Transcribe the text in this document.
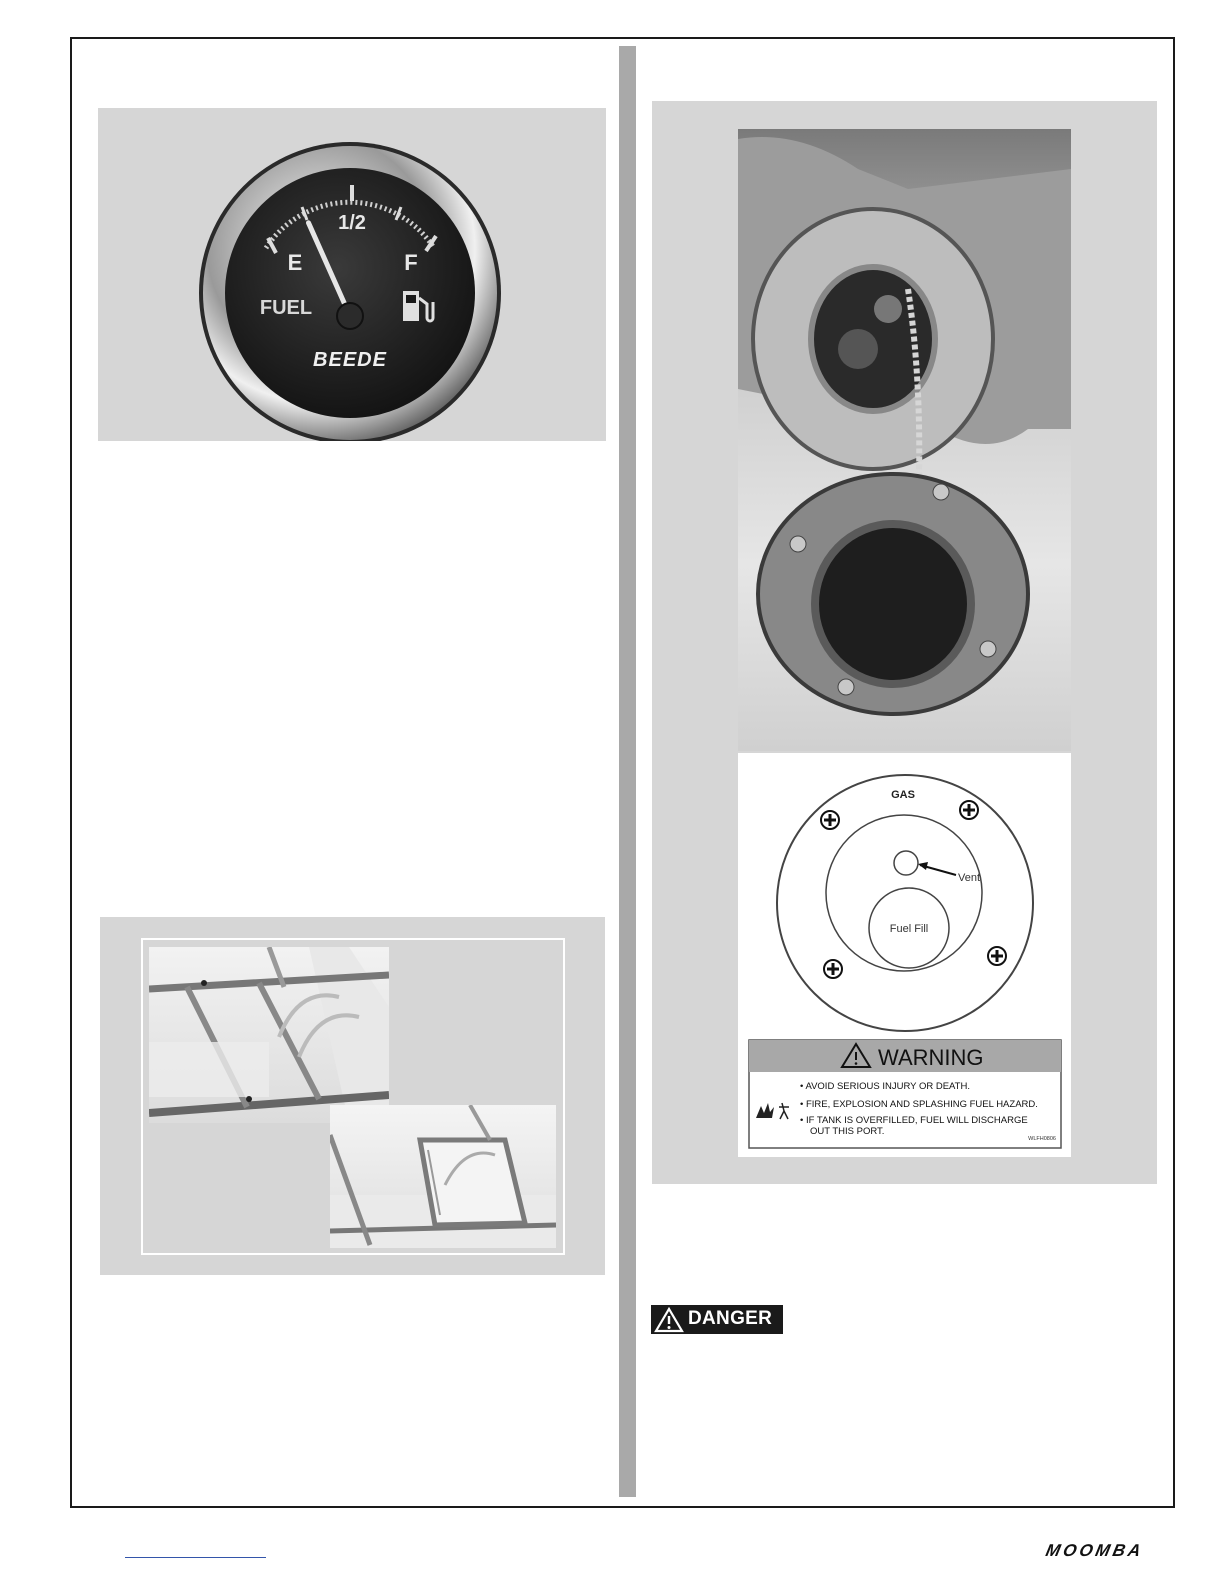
1/2
E	F
FUEL
BEEDE
GAS
Vent
Fuel Fill
WARNING
• AVOID SERIOUS INJURY OR DEATH.
• FIRE, EXPLOSION AND SPLASHING FUEL HAZARD.
• IF TANK IS OVERFILLED, FUEL WILL DISCHARGE
OUT THIS PORT.
WLFH0806
DANGER
MOOMBA
